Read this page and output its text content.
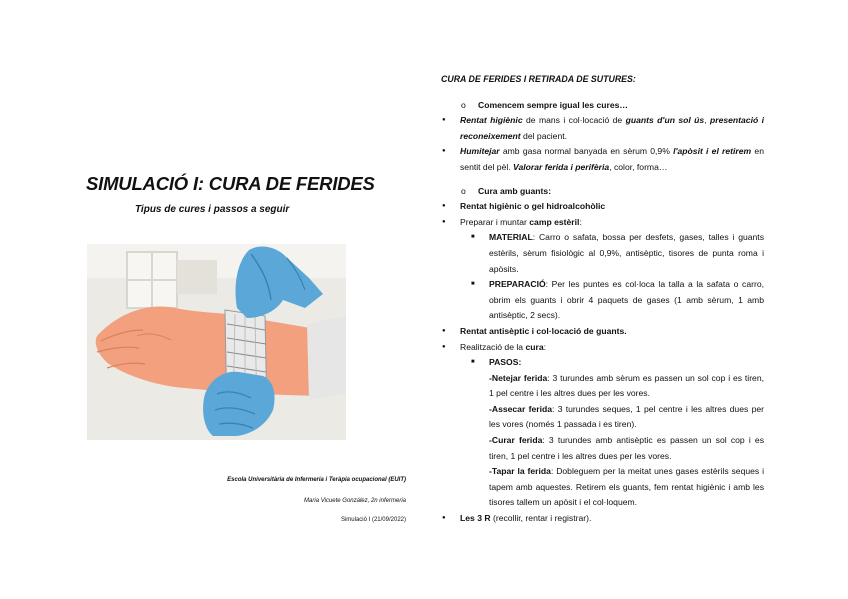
SIMULACIÓ I: CURA DE FERIDES
Tipus de cures i passos a seguir
Escola Universitària de Infermeria i Teràpia ocupacional (EUIT)
Maria Vicuete González, 2n infermeria
Simulació I (21/09/2022)
CURA DE FERIDES I RETIRADA DE SUTURES:
o Comencem sempre igual les cures…
● Rentat higiènic de mans i col·locació de guants d'un sol ús, presentació i reconeixement del pacient.
● Humitejar amb gasa normal banyada en sèrum 0,9% l'apòsit i el retirem en sentit del pèl. Valorar ferida i perifèria, color, forma…
o Cura amb guants:
● Rentat higiènic o gel hidroalcohòlic
● Preparar i muntar camp estèril:
■ MATERIAL: Carro o safata, bossa per desfets, gases, talles i guants estèrils, sèrum fisiològic al 0,9%, antisèptic, tisores de punta roma i apòsits.
■ PREPARACIÓ: Per les puntes es col·loca la talla a la safata o carro, obrim els guants i obrir 4 paquets de gases (1 amb sèrum, 1 amb antisèptic, 2 secs).
● Rentat antisèptic i col·locació de guants.
● Realització de la cura:
■ PASOS:
-Netejar ferida: 3 turundes amb sèrum es passen un sol cop i es tiren, 1 pel centre i les altres dues per les vores.
-Assecar ferida: 3 turundes seques, 1 pel centre i les altres dues per les vores (només 1 passada i es tiren).
-Curar ferida: 3 turundes amb antisèptic es passen un sol cop i es tiren, 1 pel centre i les altres dues per les vores.
-Tapar la ferida: Dobleguem per la meitat unes gases estèrils seques i tapem amb aquestes. Retirem els guants, fem rentat higiènic i amb les tisores tallem un apòsit i el col·loquem.
● Les 3 R (recollir, rentar i registrar).
